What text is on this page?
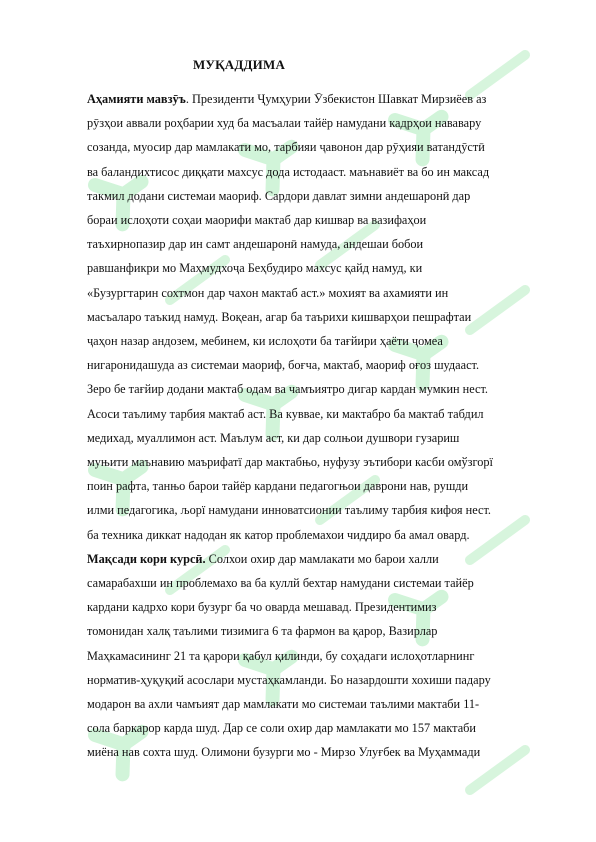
МУҚАДДИМА
Аҳамияти мавзӯъ. Президенти Ҷумҳурии Ӯзбекистон Шавкат Мирзиёев аз
рӯзҳои аввали роҳбарии худ ба масъалаи тайёр намудани кадрҳои нававару
созанда, муосир дар мамлакати мо, тарбияи ҷавонон дар рӯҳияи ватандӯстӣ
ва баландихтисос диққати махсус дода истодааст. маънавиёт ва бо ин максад
такмил додани системаи маориф. Сардори давлат зимни андешаронӣ дар
бораи ислоҳоти соҳаи маорифи мактаб дар кишвар ва вазифаҳои
таъхирнопазир дар ин самт андешаронӣ намуда, андешаи бобои
равшанфикри мо Маҳмудхоҷа Беҳбудиро махсус қайд намуд, ки
«Бузургтарин сохтмон дар чахон мактаб аст.» мохият ва ахамияти ин
масъаларо таъкид намуд. Воқеан, агар ба таърихи кишварҳои пешрафтаи
ҷаҳон назар андозем, мебинем, ки ислоҳоти ба тағйири ҳаёти ҷомеа
нигаронидашуда аз системаи маориф, боғча, мактаб, маориф оғоз шудааст.
Зеро бе тағйир додани мактаб одам ва чамъиятро дигар кардан мумкин нест.
Асоси таълиму тарбия мактаб аст. Ва кувваe, ки мактабро ба мактаб табдил
медихад, муаллимон аст. Маълум аст, ки дар солњои душвори гузариш
муњити маънавию маърифатї дар мактабњо, нуфузу эътибори касби омўзгорї
поин рафта, танњо барои тайёр кардани педагогњои даврони нав, рушди
илми педагогика, љорї намудани инноватсионии таълиму тарбия кифоя нест.
ба техника диккат надодан як катор проблемахои чиддиро ба амал овард.
Мақсади кори курсӣ. Солхои охир дар мамлакати мо барои халли
самарабахши ин проблемахо ва ба куллй бехтар намудани системаи тайёр
кардани кадрхо кори бузург ба чо оварда мешавад. Президентимиз
томонидан халқ таълими тизимига 6 та фармон ва қарор, Вазирлар
Маҳкамасининг 21 та қарори қабул қилинди, бу соҳадаги ислоҳотларнинг
норматив-ҳуқуқий асослари мустаҳкамланди. Бо назардошти хохиши падару
модарон ва ахли чамъият дар мамлакати мо системаи таълими мактаби 11-
сола баркарор карда шуд. Дар се соли охир дар мамлакати мо 157 мактаби
миёна нав сохта шуд. Олимони бузурги мо - Мирзо Улуғбек ва Муҳаммади
